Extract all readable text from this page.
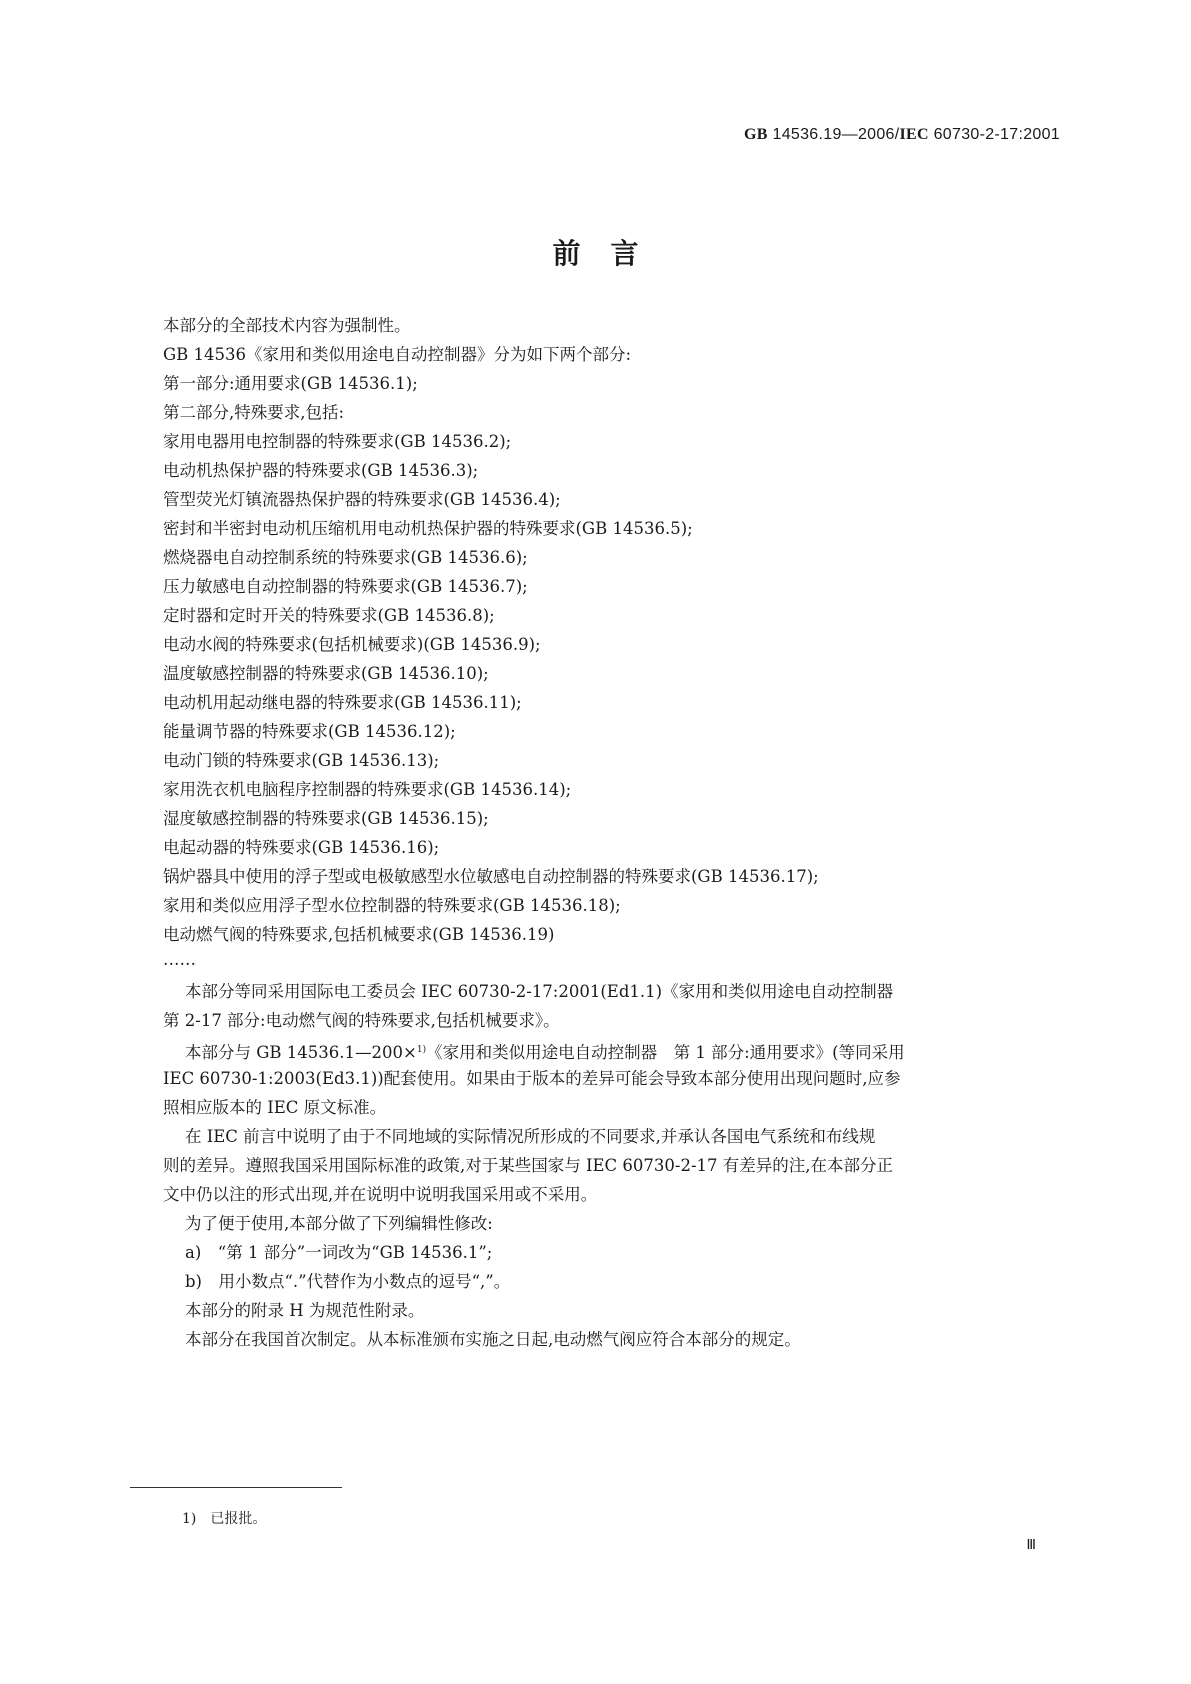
GB 14536.19—2006/IEC 60730-2-17:2001
前言
本部分的全部技术内容为强制性。
GB 14536《家用和类似用途电自动控制器》分为如下两个部分:
第一部分:通用要求(GB 14536.1);
第二部分,特殊要求,包括:
家用电器用电控制器的特殊要求(GB 14536.2);
电动机热保护器的特殊要求(GB 14536.3);
管型荧光灯镇流器热保护器的特殊要求(GB 14536.4);
密封和半密封电动机压缩机用电动机热保护器的特殊要求(GB 14536.5);
燃烧器电自动控制系统的特殊要求(GB 14536.6);
压力敏感电自动控制器的特殊要求(GB 14536.7);
定时器和定时开关的特殊要求(GB 14536.8);
电动水阀的特殊要求(包括机械要求)(GB 14536.9);
温度敏感控制器的特殊要求(GB 14536.10);
电动机用起动继电器的特殊要求(GB 14536.11);
能量调节器的特殊要求(GB 14536.12);
电动门锁的特殊要求(GB 14536.13);
家用洗衣机电脑程序控制器的特殊要求(GB 14536.14);
湿度敏感控制器的特殊要求(GB 14536.15);
电起动器的特殊要求(GB 14536.16);
锅炉器具中使用的浮子型或电极敏感型水位敏感电自动控制器的特殊要求(GB 14536.17);
家用和类似应用浮子型水位控制器的特殊要求(GB 14536.18);
电动燃气阀的特殊要求,包括机械要求(GB 14536.19)
……
本部分等同采用国际电工委员会 IEC 60730-2-17:2001(Ed1.1)《家用和类似用途电自动控制器
第 2-17 部分:电动燃气阀的特殊要求,包括机械要求》。
本部分与 GB 14536.1—200×$^{1)}$《家用和类似用途电自动控制器　第 1 部分:通用要求》(等同采用
IEC 60730-1:2003(Ed3.1))配套使用。如果由于版本的差异可能会导致本部分使用出现问题时,应参
照相应版本的 IEC 原文标准。
在 IEC 前言中说明了由于不同地域的实际情况所形成的不同要求,并承认各国电气系统和布线规
则的差异。遵照我国采用国际标准的政策,对于某些国家与 IEC 60730-2-17 有差异的注,在本部分正
文中仍以注的形式出现,并在说明中说明我国采用或不采用。
为了便于使用,本部分做了下列编辑性修改:
a)　“第 1 部分”一词改为“GB 14536.1”;
b)　用小数点“.”代替作为小数点的逗号“,”。
本部分的附录 H 为规范性附录。
本部分在我国首次制定。从本标准颁布实施之日起,电动燃气阀应符合本部分的规定。
1)　已报批。
Ⅲ
